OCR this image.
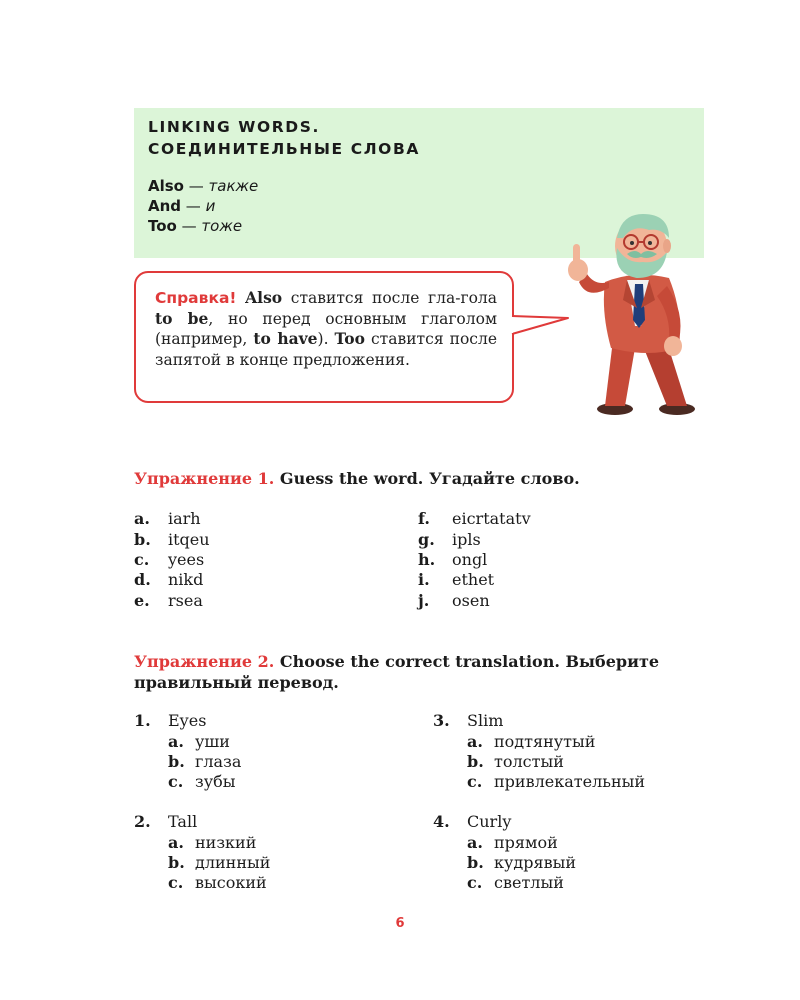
LINKING WORDS.
СОЕДИНИТЕЛЬНЫЕ СЛОВА
Also — также
And — и
Too — тоже
Справка! Also ставится после гла-гола to be, но перед основным глаголом (например, to have). Too ставится после запятой в конце предложения.
Упражнение 1. Guess the word. Угадайте слово.
a. iarh
b. itqeu
c. yees
d. nikd
e. rsea
f. eicrtatatv
g. ipls
h. ongl
i. ethet
j. osen
Упражнение 2. Choose the correct translation. Выберите правильный перевод.
1. Eyes
a. уши
b. глаза
c. зубы
2. Tall
a. низкий
b. длинный
c. высокий
3. Slim
a. подтянутый
b. толстый
c. привлекательный
4. Curly
a. прямой
b. кудрявый
c. светлый
6
